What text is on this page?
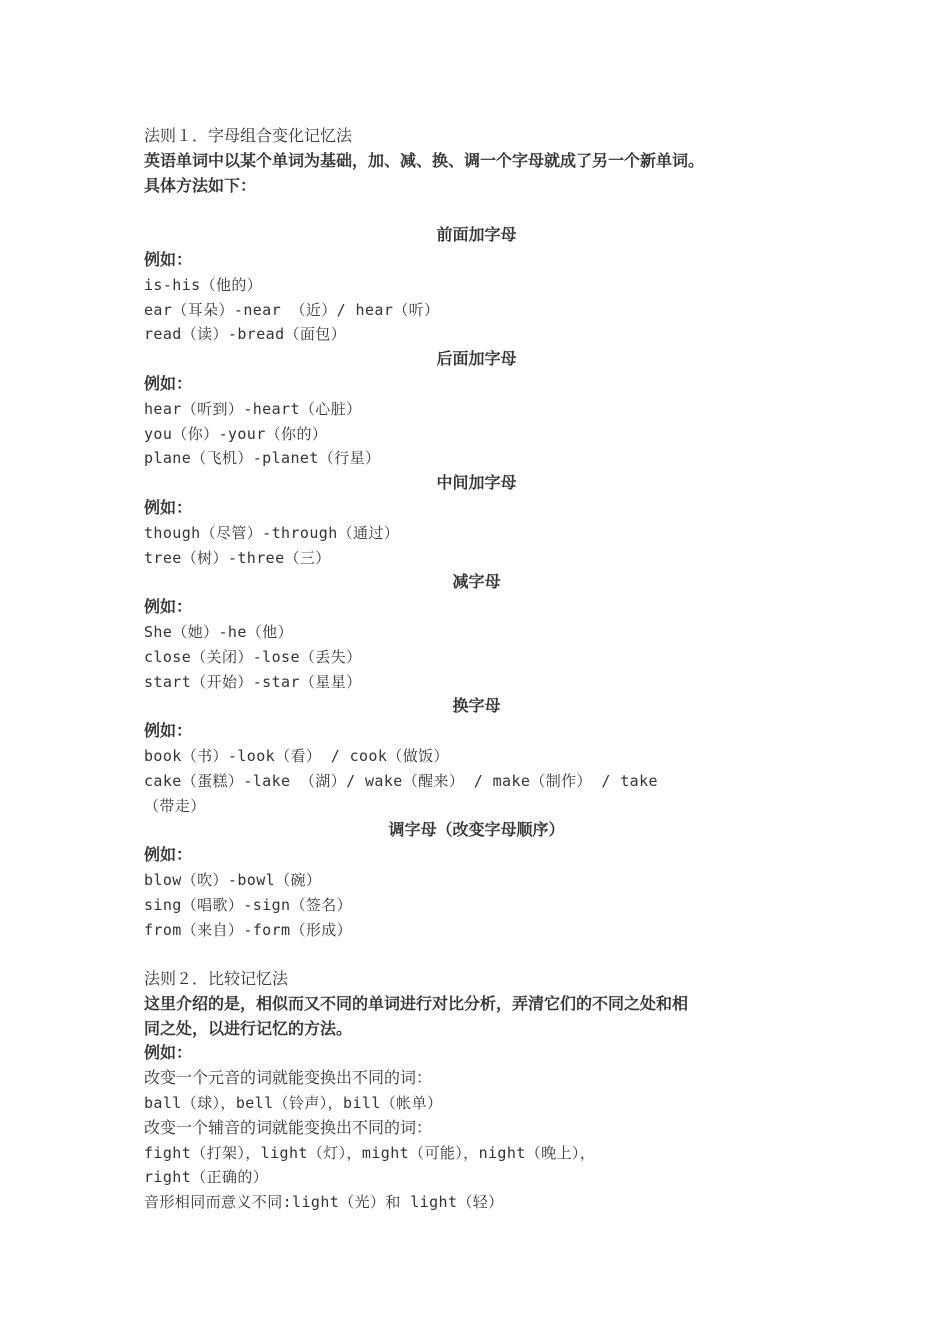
法则１．字母组合变化记忆法

英语单词中以某个单词为基础，加、减、换、调一个字母就成了另一个新单词。

具体方法如下：

前面加字母

例如：

is-his（他的）

ear（耳朵）-near （近）/ hear（听）

read（读）-bread（面包）

后面加字母

例如：

hear（听到）-heart（心脏）

you（你）-your（你的）

plane（飞机）-planet（行星）

中间加字母

例如：

though（尽管）-through（通过）

tree（树）-three（三）

减字母

例如：

She（她）-he（他）

close（关闭）-lose（丢失）

start（开始）-star（星星）

换字母

例如：

book（书）-look（看） / cook（做饭）

cake（蛋糕）-lake （湖）/ wake（醒来） / make（制作） / take

（带走）

调字母（改变字母顺序）

例如：

blow（吹）-bowl（碗）

sing（唱歌）-sign（签名）

from（来自）-form（形成）

法则２．比较记忆法

这里介绍的是，相似而又不同的单词进行对比分析，弄清它们的不同之处和相

同之处，以进行记忆的方法。

例如：

改变一个元音的词就能变换出不同的词：

ball（球），bell（铃声），bill（帐单）

改变一个辅音的词就能变换出不同的词：

fight（打架），light（灯），might（可能），night（晚上），

right（正确的）

音形相同而意义不同:light（光）和 light（轻）
